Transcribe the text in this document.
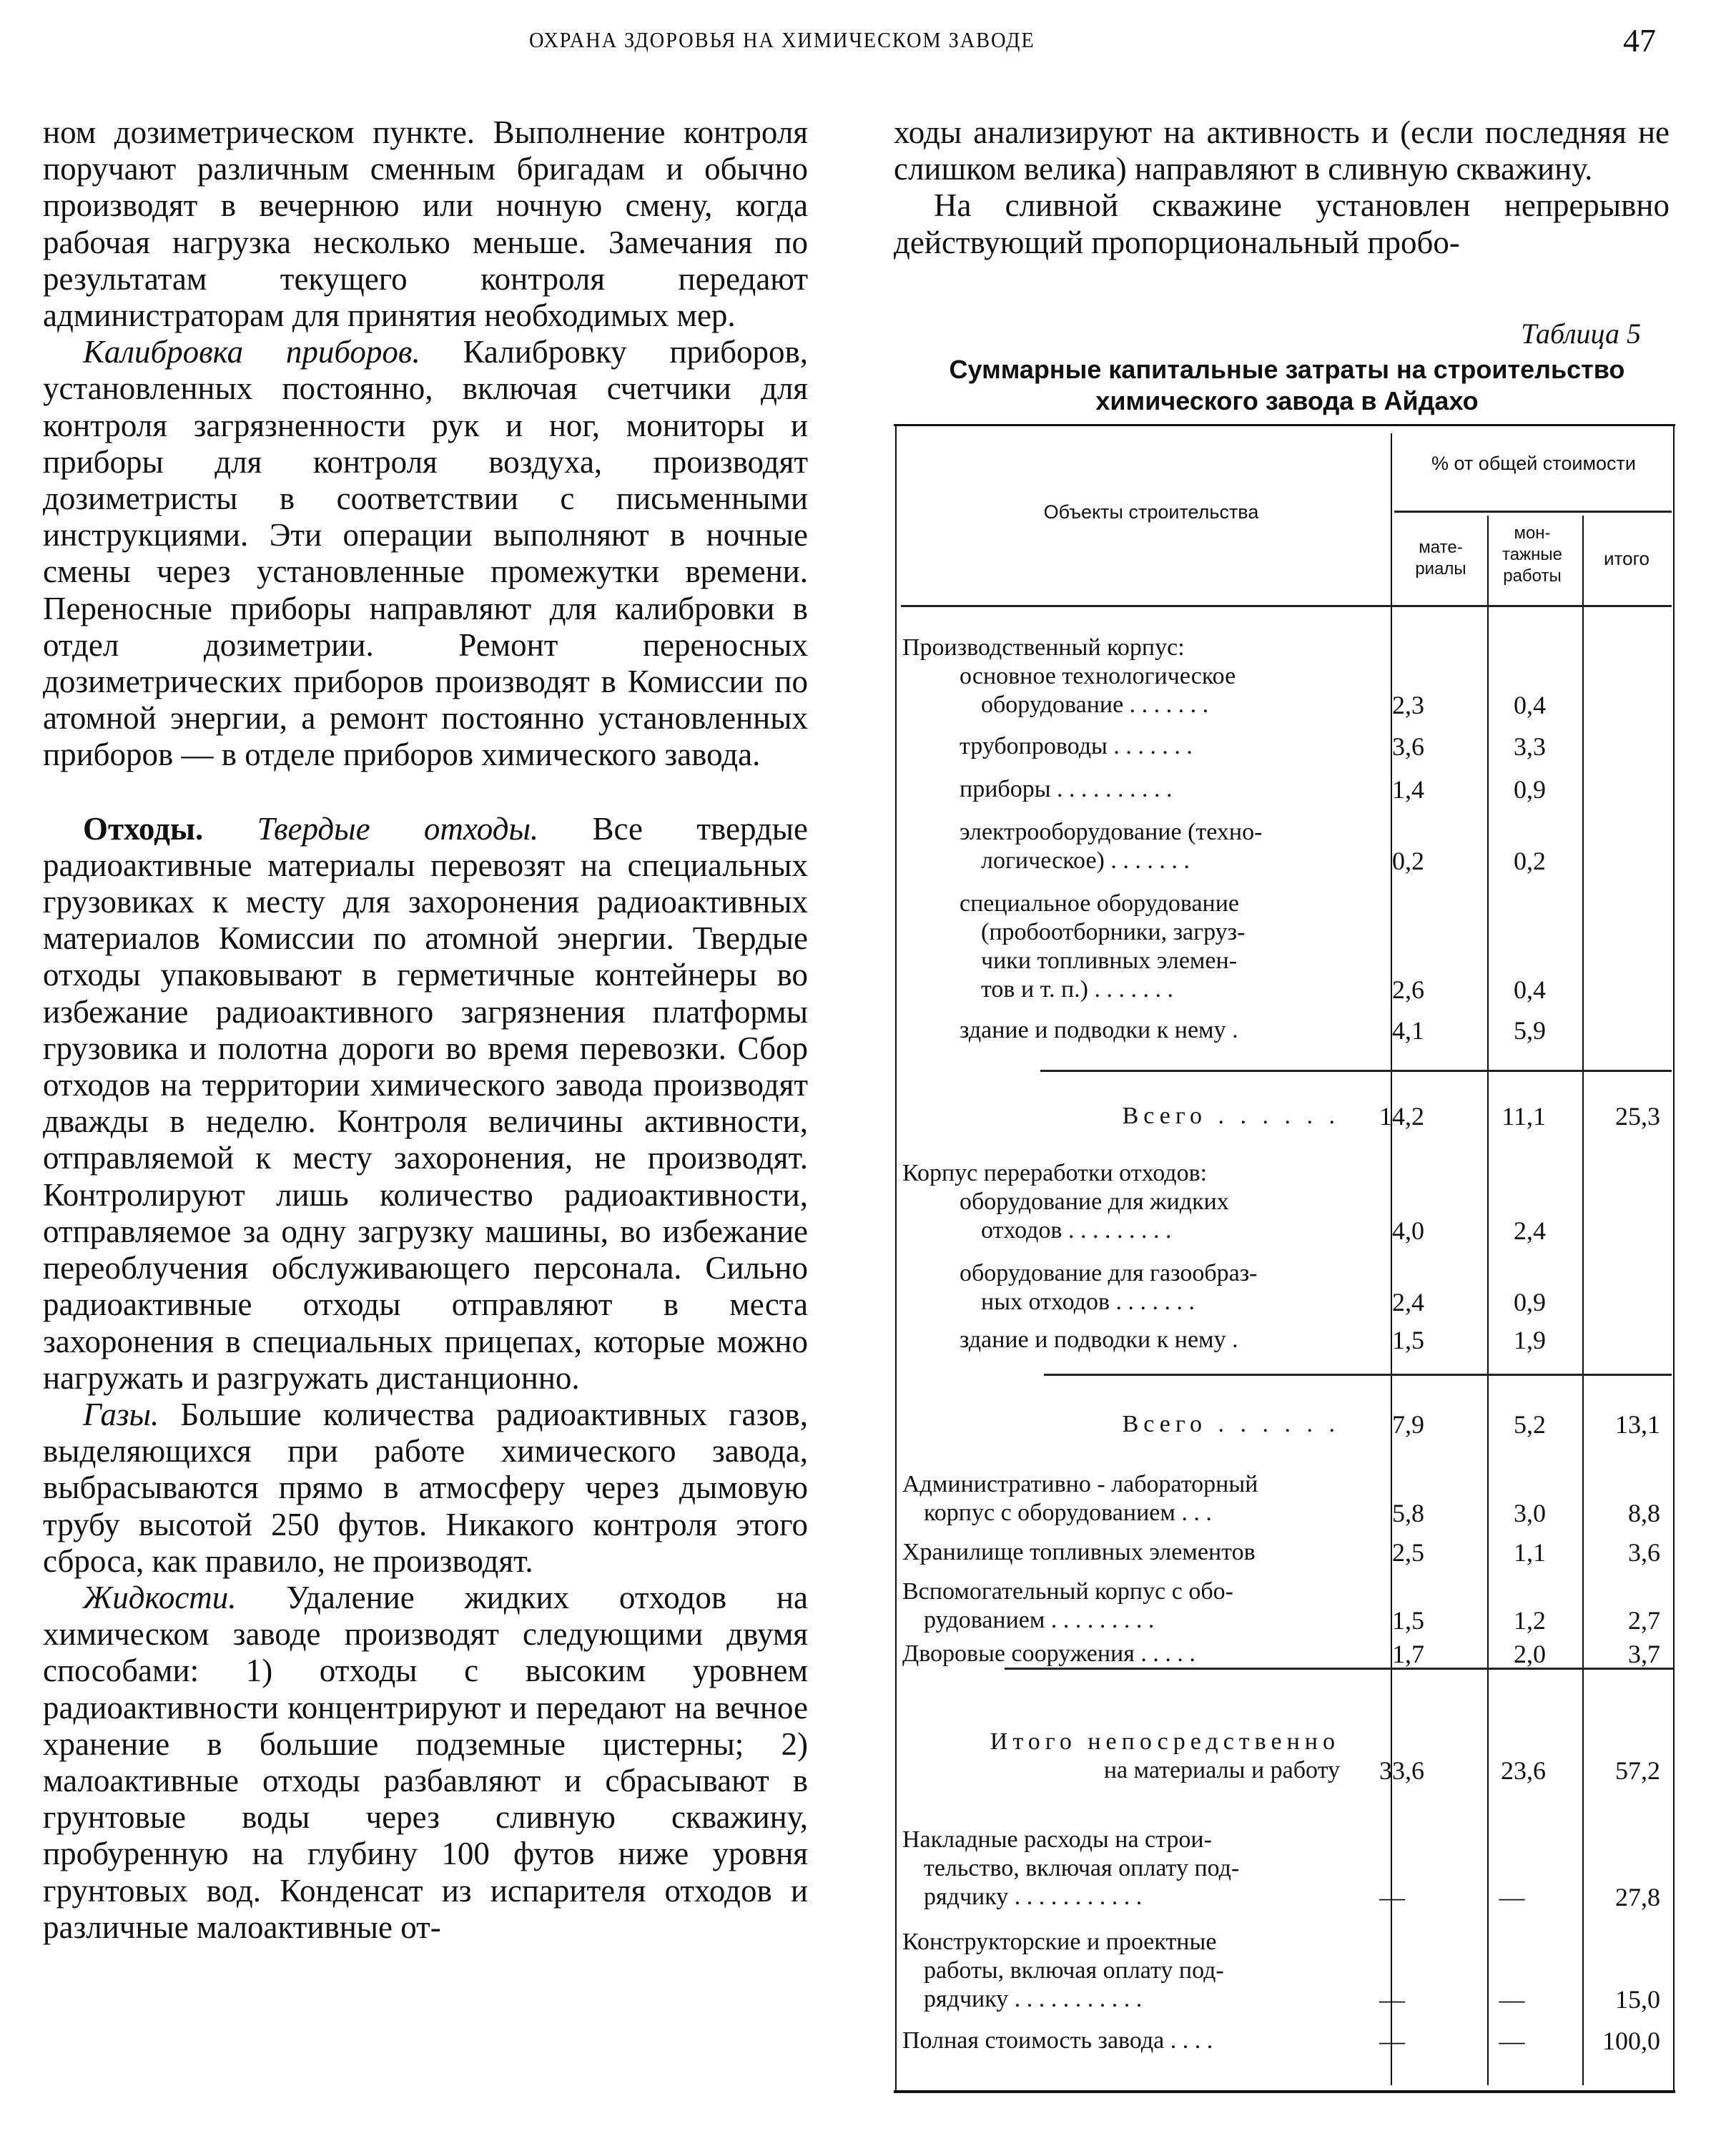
ОХРАНА ЗДОРОВЬЯ НА ХИМИЧЕСКОМ ЗАВОДЕ	47

ном дозиметрическом пункте. Выполнение контроля поручают различным сменным бригадам и обычно производят в вечернюю или ночную смену, когда рабочая нагрузка несколько меньше. Замечания по результатам текущего контроля передают администраторам для принятия необходимых мер.

Калибровка приборов. Калибровку приборов, установленных постоянно, включая счетчики для контроля загрязненности рук и ног, мониторы и приборы для контроля воздуха, производят дозиметристы в соответствии с письменными инструкциями. Эти операции выполняют в ночные смены через установленные промежутки времени. Переносные приборы направляют для калибровки в отдел дозиметрии. Ремонт переносных дозиметрических приборов производят в Комиссии по атомной энергии, а ремонт постоянно установленных приборов — в отделе приборов химического завода.

Отходы. Твердые отходы. Все твердые радиоактивные материалы перевозят на специальных грузовиках к месту для захоронения радиоактивных материалов Комиссии по атомной энергии. Твердые отходы упаковывают в герметичные контейнеры во избежание радиоактивного загрязнения платформы грузовика и полотна дороги во время перевозки. Сбор отходов на территории химического завода производят дважды в неделю. Контроля величины активности, отправляемой к месту захоронения, не производят. Контролируют лишь количество радиоактивности, отправляемое за одну загрузку машины, во избежание переоблучения обслуживающего персонала. Сильно радиоактивные отходы отправляют в места захоронения в специальных прицепах, которые можно нагружать и разгружать дистанционно.

Газы. Большие количества радиоактивных газов, выделяющихся при работе химического завода, выбрасываются прямо в атмосферу через дымовую трубу высотой 250 футов. Никакого контроля этого сброса, как правило, не производят.

Жидкости. Удаление жидких отходов на химическом заводе производят следующими двумя способами: 1) отходы с высоким уровнем радиоактивности концентрируют и передают на вечное хранение в большие подземные цистерны; 2) малоактивные отходы разбавляют и сбрасывают в грунтовые воды через сливную скважину, пробуренную на глубину 100 футов ниже уровня грунтовых вод. Конденсат из испарителя отходов и различные малоактивные от-

ходы анализируют на активность и (если последняя не слишком велика) направляют в сливную скважину.

На сливной скважине установлен непрерывно действующий пропорциональный пробо-

Таблица 5
Суммарные капитальные затраты на строительство
химического завода в Айдахо
Объекты строительства
% от общей стоимости
мате- риалы
мон- тажные работы
итого
Производственный корпус:
основное технологическое
оборудование . . . . . . .	2,3	0,4
трубопроводы . . . . . . .	3,6	3,3
приборы . . . . . . . . . .	1,4	0,9
электрооборудование (техно-
логическое) . . . . . . .	0,2	0,2
специальное оборудование
(пробоотборники, загруз-
чики топливных элемен-
тов и т. п.) . . . . . . .	2,6	0,4
здание и подводки к нему .	4,1	5,9
Всего . . . . . .	14,2	11,1	25,3
Корпус переработки отходов:
оборудование для жидких
отходов . . . . . . . . .	4,0	2,4
оборудование для газообраз-
ных отходов . . . . . . .	2,4	0,9
здание и подводки к нему .	1,5	1,9
Всего . . . . . .	7,9	5,2	13,1
Административно - лабораторный
корпус с оборудованием . . .	5,8	3,0	8,8
Хранилище топливных элементов	2,5	1,1	3,6
Вспомогательный корпус с обо-
рудованием . . . . . . . . .	1,5	1,2	2,7
Дворовые сооружения . . . . .	1,7	2,0	3,7
Итого непосредственно
на материалы и работу	33,6	23,6	57,2
Накладные расходы на строи-
тельство, включая оплату под-
рядчику . . . . . . . . . . .	—	—	27,8
Конструкторские и проектные
работы, включая оплату под-
рядчику . . . . . . . . . . .	—	—	15,0
Полная стоимость завода . . . .	—	—	100,0
